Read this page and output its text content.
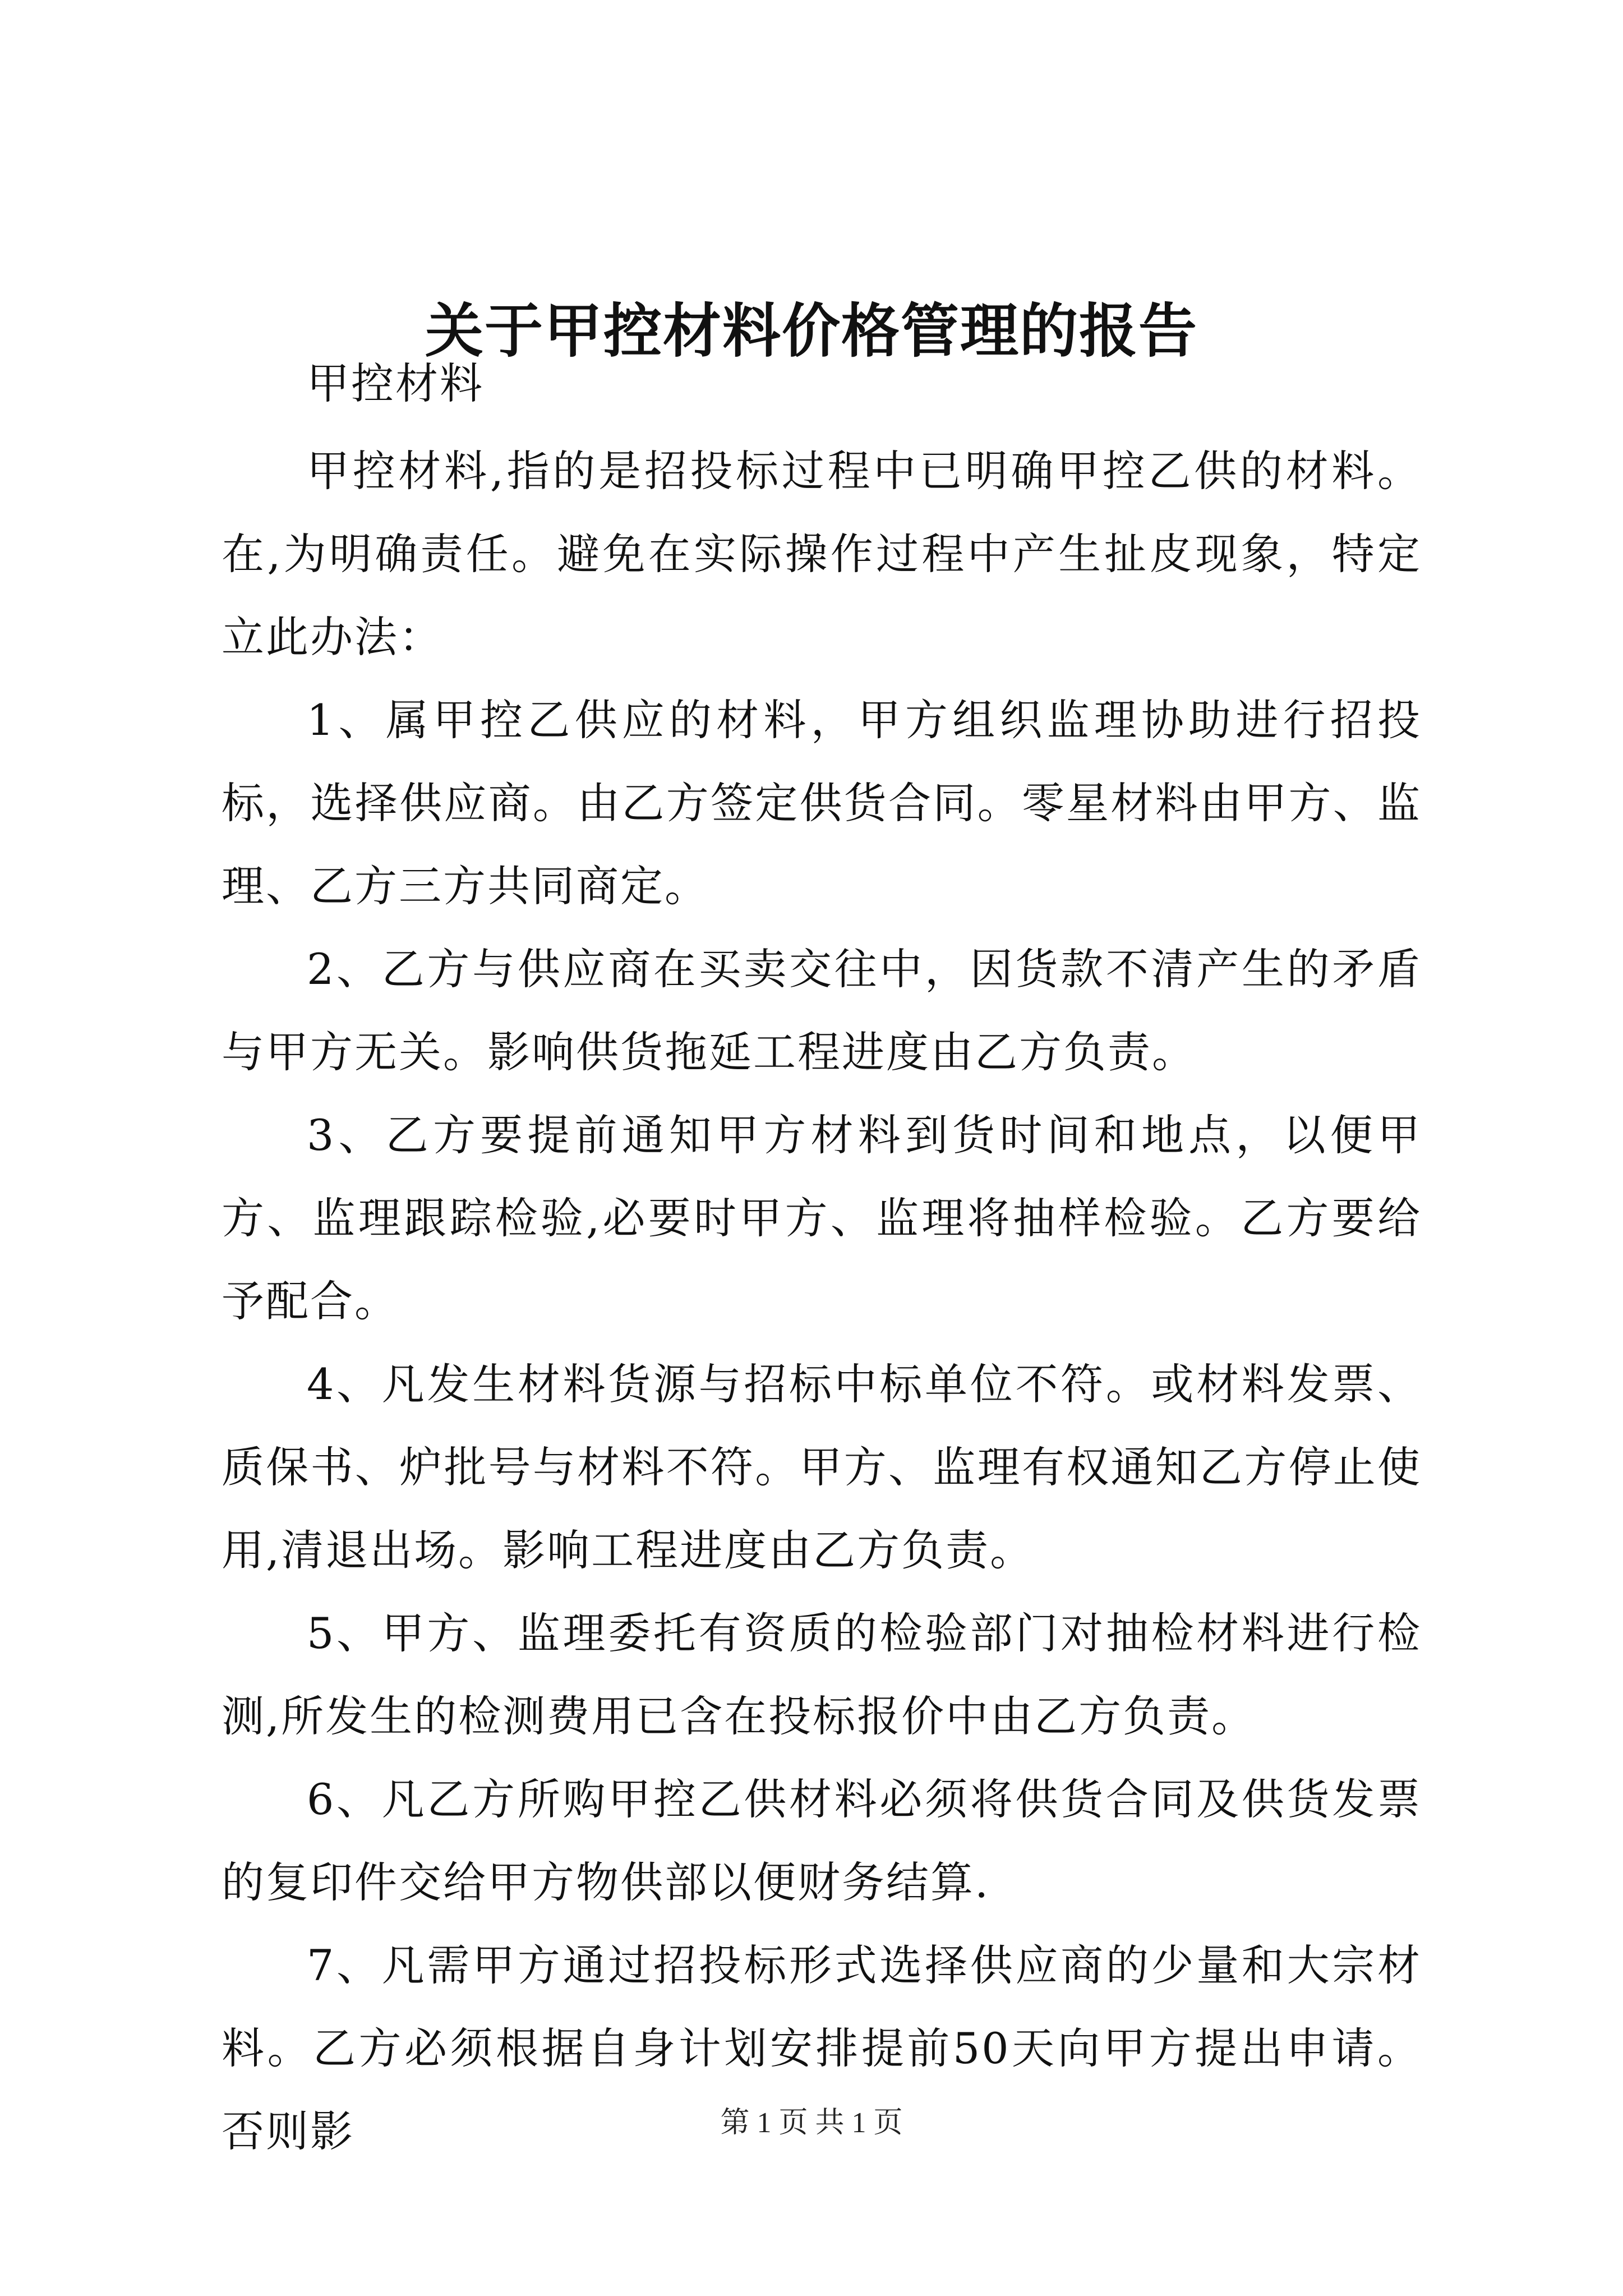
关于甲控材料价格管理的报告

甲控材料

甲控材料,指的是招投标过程中已明确甲控乙供的材料。在,为明确责任。避免在实际操作过程中产生扯皮现象，特定立此办法：

1、属甲控乙供应的材料，甲方组织监理协助进行招投标，选择供应商。由乙方签定供货合同。零星材料由甲方、监理、乙方三方共同商定。

2、乙方与供应商在买卖交往中，因货款不清产生的矛盾与甲方无关。影响供货拖延工程进度由乙方负责。

3、乙方要提前通知甲方材料到货时间和地点，以便甲方、监理跟踪检验,必要时甲方、监理将抽样检验。乙方要给予配合。

4、凡发生材料货源与招标中标单位不符。或材料发票、质保书、炉批号与材料不符。甲方、监理有权通知乙方停止使用,清退出场。影响工程进度由乙方负责。

5、甲方、监理委托有资质的检验部门对抽检材料进行检测,所发生的检测费用已含在投标报价中由乙方负责。

6、凡乙方所购甲控乙供材料必须将供货合同及供货发票的复印件交给甲方物供部以便财务结算.

7、凡需甲方通过招投标形式选择供应商的少量和大宗材料。乙方必须根据自身计划安排提前50天向甲方提出申请。否则影	第 1 页 共 1 页
